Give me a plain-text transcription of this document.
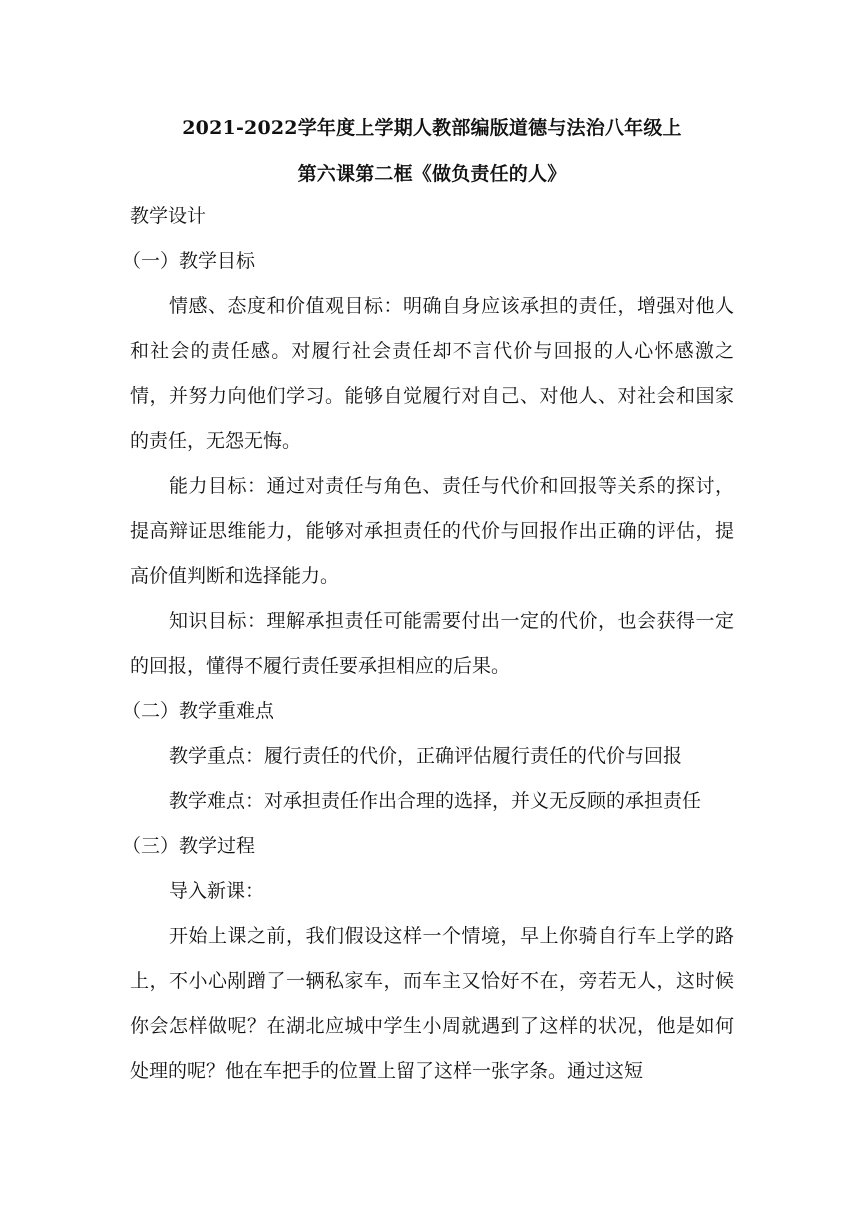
2021-2022学年度上学期人教部编版道德与法治八年级上

第六课第二框《做负责任的人》

教学设计

（一）教学目标

情感、态度和价值观目标：明确自身应该承担的责任，增强对他人和社会的责任感。对履行社会责任却不言代价与回报的人心怀感激之情，并努力向他们学习。能够自觉履行对自己、对他人、对社会和国家的责任，无怨无悔。

能力目标：通过对责任与角色、责任与代价和回报等关系的探讨，提高辩证思维能力，能够对承担责任的代价与回报作出正确的评估，提高价值判断和选择能力。

知识目标：理解承担责任可能需要付出一定的代价，也会获得一定的回报，懂得不履行责任要承担相应的后果。

（二）教学重难点

教学重点：履行责任的代价，正确评估履行责任的代价与回报

教学难点：对承担责任作出合理的选择，并义无反顾的承担责任

（三）教学过程

导入新课：

开始上课之前，我们假设这样一个情境，早上你骑自行车上学的路上，不小心剐蹭了一辆私家车，而车主又恰好不在，旁若无人，这时候你会怎样做呢？在湖北应城中学生小周就遇到了这样的状况，他是如何处理的呢？他在车把手的位置上留了这样一张字条。通过这短
